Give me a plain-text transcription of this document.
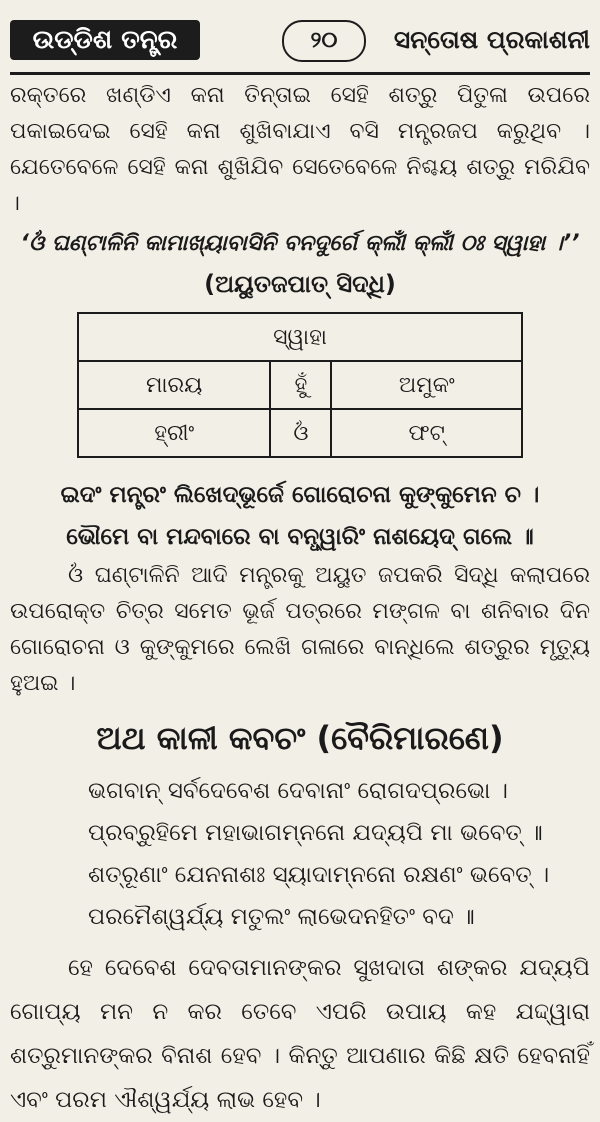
ଉଡ୍ଡିଶ ତନ୍ତ୍ର	୨୦	ସନ୍ତୋଷ ପ୍ରକାଶନୀ

ରକ୍ତରେ ଖଣ୍ଡିଏ କନା ତିନ୍ତାଇ ସେହି ଶତ୍ରୁ ପିତୁଳା ଉପରେ ପକାଇଦେଇ ସେହି କନା ଶୁଖିବାଯାଏ ବସି ମନ୍ତ୍ରଜପ କରୁଥିବ । ଯେତେବେଳେ ସେହି କନା ଶୁଖିଯିବ ସେତେବେଳେ ନିଶ୍ଚୟ ଶତ୍ରୁ ମରିଯିବ ।

‘ଓଁ ଘଣ୍ଟାଳିନି କାମାଖ୍ୟାବାସିନି ବନଦୁର୍ଗେ କ୍ଲୀଁ କ୍ଲୀଁ ଠଃ ସ୍ୱାହା ।’’

(ଅୟୁତଜପାତ୍ ସିଦ୍ଧି)

ସ୍ୱାହା		
ମାରୟ	ହୁଁ	ଅମୁକଂ
ହ୍ରୀଂ	ଓଁ	ଫଟ୍

ଇଦଂ ମନ୍ତ୍ରଂ ଲିଖେଦ୍‌ଭୂର୍ଜେ ଗୋରୋଚନା କୁଙ୍କୁମେନ ଚ ।

ଭୌମେ ବା ମନ୍ଦବାରେ ବା ବନ୍ଧ୍ୱାରିଂ ନାଶୟେଦ୍ ଗଲେ ॥

ଓଁ ଘଣ୍ଟାଳିନି ଆଦି ମନ୍ତ୍ରକୁ ଅୟୁତ ଜପକରି ସିଦ୍ଧି କଲାପରେ ଉପରୋକ୍ତ ଚିତ୍ର ସମେତ ଭୂର୍ଜ ପତ୍ରରେ ମଙ୍ଗଳ ବା ଶନିବାର ଦିନ ଗୋରୋଚନା ଓ କୁଙ୍କୁମରେ ଲେଖି ଗଳାରେ ବାନ୍ଧିଲେ ଶତ୍ରୁର ମୃତ୍ୟୁ ହୁଅଇ ।

ଅଥ କାଳୀ କବଚଂ (ବୈରିମାରଣେ)

ଭଗବାନ୍ ସର୍ବଦେବେଶ ଦେବାନାଂ ରୋଗଦପ୍ରଭୋ ।

ପ୍ରବ୍ରୁହିମେ ମହାଭାଗମ୍ନନୋ ଯଦ୍ୟପି ମା ଭବେତ୍ ॥

ଶତ୍ରୂଣାଂ ଯେନନାଶଃ ସ୍ୟାଦାମ୍ନନୋ ରକ୍ଷଣଂ ଭବେତ୍ ।

ପରମୈଶ୍ୱର୍ଯ୍ୟ ମତୁଲଂ ଲାଭେଦନହିତଂ ବଦ ॥

ହେ ଦେବେଶ ଦେବତାମାନଙ୍କର ସୁଖଦାତା ଶଙ୍କର ଯଦ୍ୟପି ଗୋପ୍ୟ ମନ ନ କର ତେବେ ଏପରି ଉପାୟ କହ ଯଦ୍ଦ୍ୱାରା ଶତ୍ରୁମାନଙ୍କର ବିନାଶ ହେବ । କିନ୍ତୁ ଆପଣାର କିଛି କ୍ଷତି ହେବନାହିଁ ଏବଂ ପରମ ଐଶ୍ୱର୍ଯ୍ୟ ଲାଭ ହେବ ।
